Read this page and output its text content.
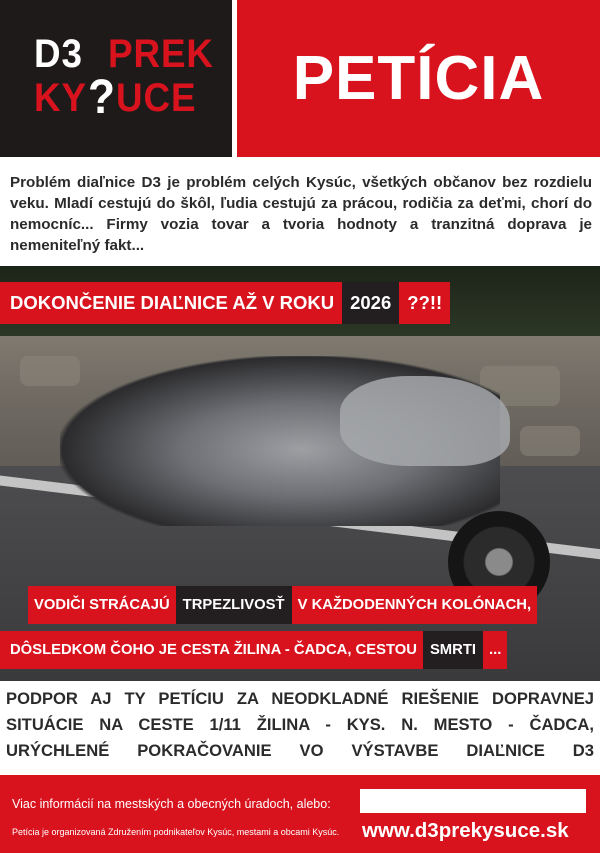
D3 PREK
KY ? UCE PETÍCIA

Problém diaľnice D3 je problém celých Kysúc, všetkých občanov bez rozdielu veku. Mladí cestujú do škôl, ľudia cestujú za prácou, rodičia za deťmi, chorí do nemocníc... Firmy vozia tovar a tvoria hodnoty a tranzitná doprava je nemeniteľný fakt...

DOKONČENIE DIAĽNICE AŽ V ROKU 2026 ??!!
VODIČI STRÁCAJÚ TRPEZLIVOSŤ V KAŽDODENNÝCH KOLÓNACH,
DÔSLEDKOM ČOHO JE CESTA ŽILINA - ČADCA, CESTOU SMRTI ...
PODPOR AJ TY PETÍCIU ZA NEODKLADNÉ RIEŠENIE DOPRAVNEJ
SITUÁCIE NA CESTE 1/11 ŽILINA - KYS. N. MESTO - ČADCA,
URÝCHLENÉ POKRAČOVANIE VO VÝSTAVBE DIAĽNICE D3
Viac informácií na mestských a obecných úradoch, alebo:
Petícia je organizovaná Združením podnikateľov Kysúc, mestami a obcami Kysúc. www.d3prekysuce.sk
